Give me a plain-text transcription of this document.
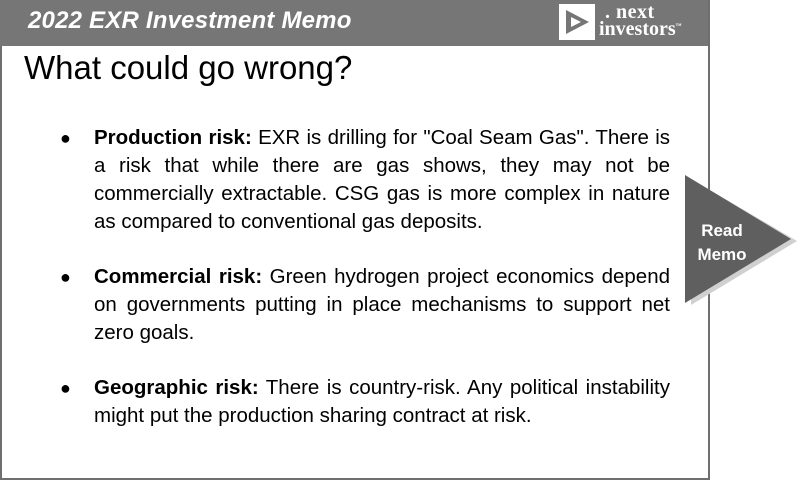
2022 EXR Investment Memo	. next
investors™
What could go wrong?
● Production risk: EXR is drilling for "Coal Seam Gas". There is a risk that while there are gas shows, they may not be commercially extractable. CSG gas is more complex in nature as compared to conventional gas deposits.
● Commercial risk: Green hydrogen project economics depend on governments putting in place mechanisms to support net zero goals.
● Geographic risk: There is country-risk. Any political instability might put the production sharing contract at risk.
Read
Memo
